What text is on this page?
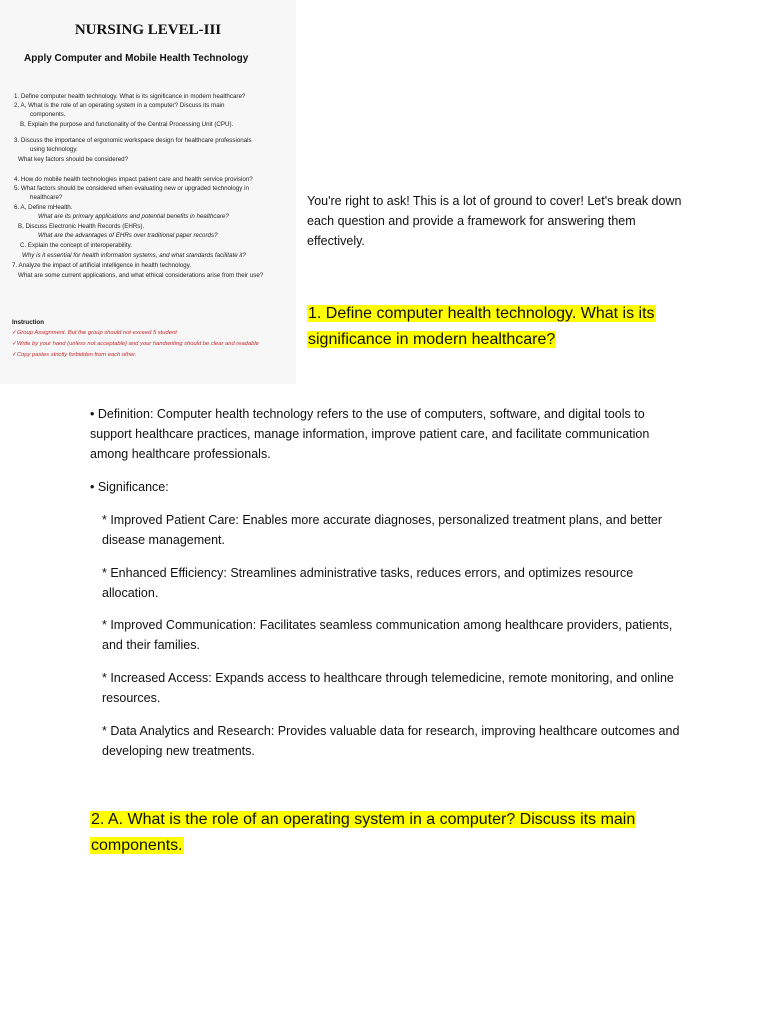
NURSING LEVEL-III
Apply Computer and Mobile Health Technology
1. Define computer health technology. What is its significance in modern healthcare?
2. A, What is the role of an operating system in a computer? Discuss its main
components.
B, Explain the purpose and functionality of the Central Processing Unit (CPU).
3. Discuss the importance of ergonomic workspace design for healthcare professionals
using technology.
What key factors should be considered?
4. How do mobile health technologies impact patient care and health service provision?
5. What factors should be considered when evaluating new or upgraded technology in
healthcare?
6. A, Define mHealth.
What are its primary applications and potential benefits in healthcare?
B, Discuss Electronic Health Records (EHRs).
What are the advantages of EHRs over traditional paper records?
C. Explain the concept of interoperability.
Why is it essential for health information systems, and what standards facilitate it?
7. Analyze the impact of artificial intelligence in health technology.
What are some current applications, and what ethical considerations arise from their use?
Instruction
✓Group Assignment. But the group should not exceed 5 student
✓Write by your hand (unless not acceptable) and your handwriting should be clear and readable
✓Copy pastes strictly forbidden from each other.
You're right to ask! This is a lot of ground to cover! Let's break down each question and provide a framework for answering them effectively.
1. Define computer health technology. What is its significance in modern healthcare?
• Definition: Computer health technology refers to the use of computers, software, and digital tools to support healthcare practices, manage information, improve patient care, and facilitate communication among healthcare professionals.
• Significance:
* Improved Patient Care: Enables more accurate diagnoses, personalized treatment plans, and better disease management.
* Enhanced Efficiency: Streamlines administrative tasks, reduces errors, and optimizes resource allocation.
* Improved Communication: Facilitates seamless communication among healthcare providers, patients, and their families.
* Increased Access: Expands access to healthcare through telemedicine, remote monitoring, and online resources.
* Data Analytics and Research: Provides valuable data for research, improving healthcare outcomes and developing new treatments.
2. A. What is the role of an operating system in a computer? Discuss its main components.
